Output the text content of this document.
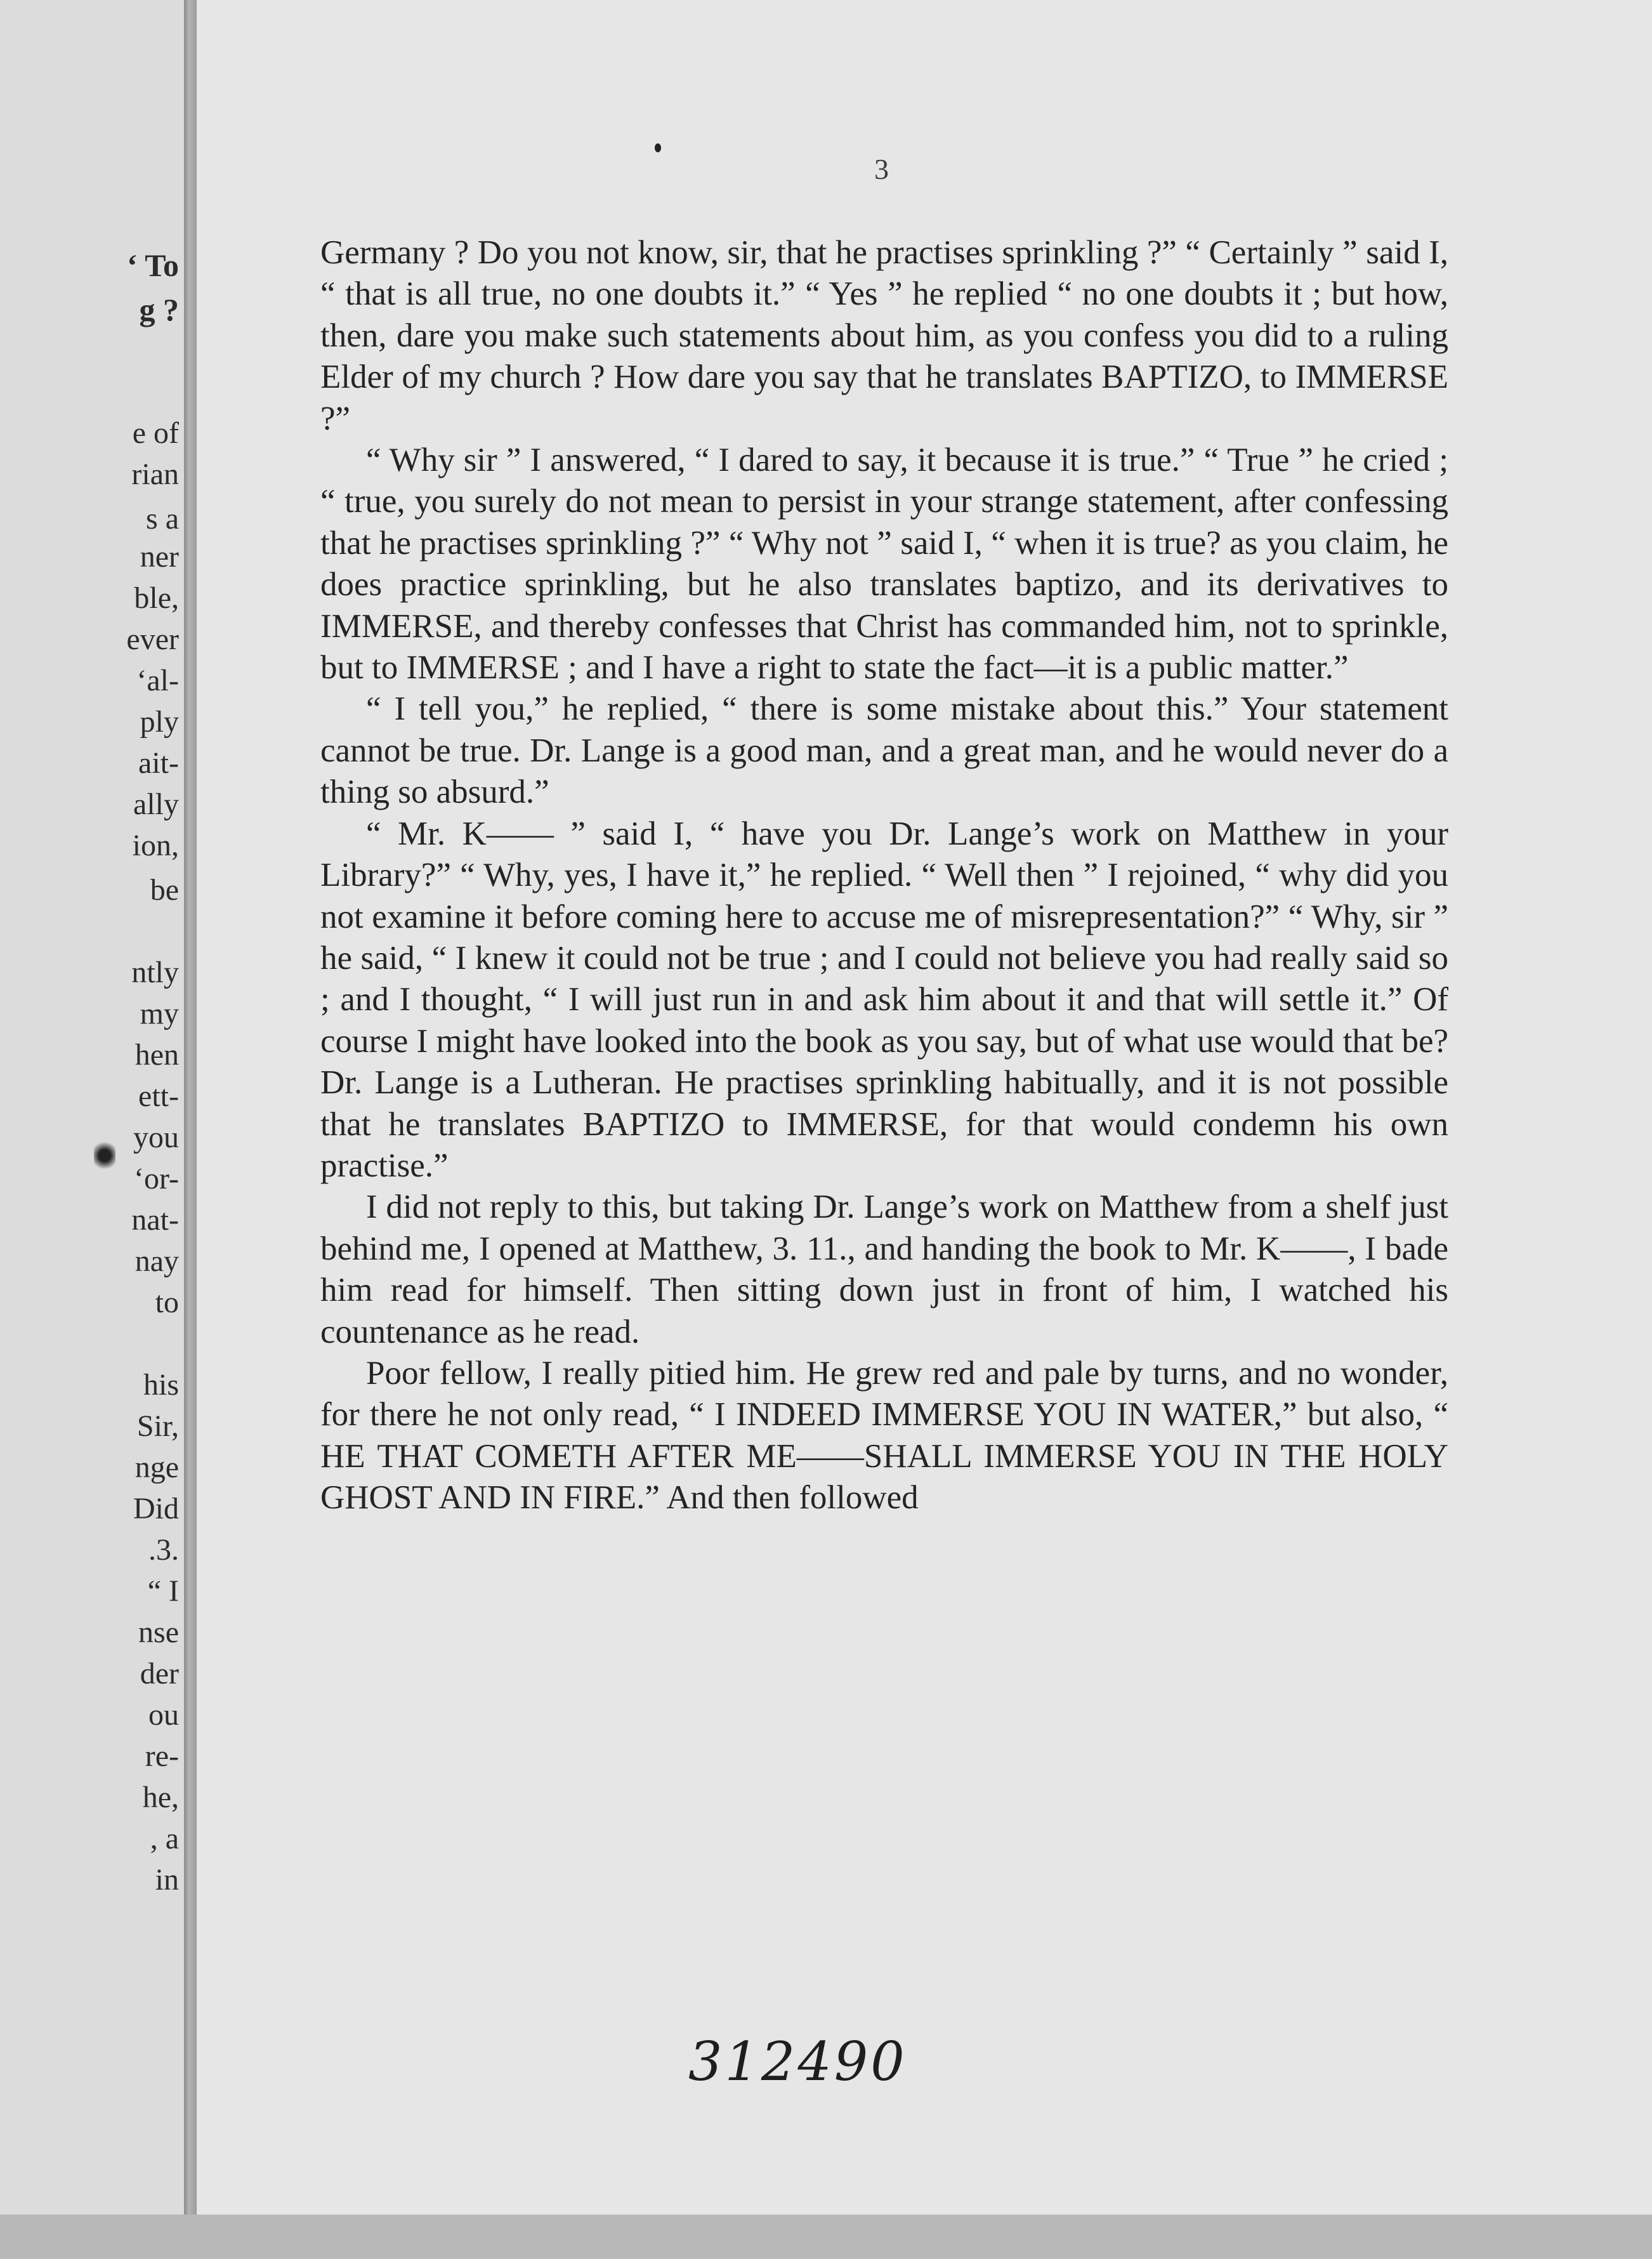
‘ To
g ?
e of
rian
s a
ner
ble,
ever
‘al-
ply
ait-
ally
ion,
be
ntly
my
hen
ett-
you
‘or-
nat-
nay
to
his
Sir,
nge
Did
.3.
“ I
nse
der
ou
re-
he,
, a
in
3

Germany ? Do you not know, sir, that he practises sprinkling ?” “ Certainly ” said I, “ that is all true, no one doubts it.” “ Yes ” he replied “ no one doubts it ; but how, then, dare you make such statements about him, as you confess you did to a ruling Elder of my church ? How dare you say that he translates BAPTIZO, to IMMERSE ?”

“ Why sir ” I answered, “ I dared to say, it because it is true.” “ True ” he cried ; “ true, you surely do not mean to persist in your strange statement, after confessing that he practises sprinkling ?” “ Why not ” said I, “ when it is true? as you claim, he does practice sprinkling, but he also translates baptizo, and its derivatives to IMMERSE, and thereby confesses that Christ has commanded him, not to sprinkle, but to IMMERSE ; and I have a right to state the fact—it is a public matter.”

“ I tell you,” he replied, “ there is some mistake about this.” Your statement cannot be true. Dr. Lange is a good man, and a great man, and he would never do a thing so absurd.”

“ Mr. K—— ” said I, “ have you Dr. Lange’s work on Matthew in your Library?” “ Why, yes, I have it,” he replied. “ Well then ” I rejoined, “ why did you not examine it before coming here to accuse me of misrepresentation?” “ Why, sir ” he said, “ I knew it could not be true ; and I could not believe you had really said so ; and I thought, “ I will just run in and ask him about it and that will settle it.” Of course I might have looked into the book as you say, but of what use would that be? Dr. Lange is a Lutheran. He practises sprinkling habitually, and it is not possible that he translates BAPTIZO to IMMERSE, for that would condemn his own practise.”

I did not reply to this, but taking Dr. Lange’s work on Matthew from a shelf just behind me, I opened at Matthew, 3. 11., and handing the book to Mr. K——, I bade him read for himself. Then sitting down just in front of him, I watched his countenance as he read.

Poor fellow, I really pitied him. He grew red and pale by turns, and no wonder, for there he not only read, “ I INDEED IMMERSE YOU IN WATER,” but also, “ HE THAT COMETH AFTER ME——SHALL IMMERSE YOU IN THE HOLY GHOST AND IN FIRE.” And then followed

312490
